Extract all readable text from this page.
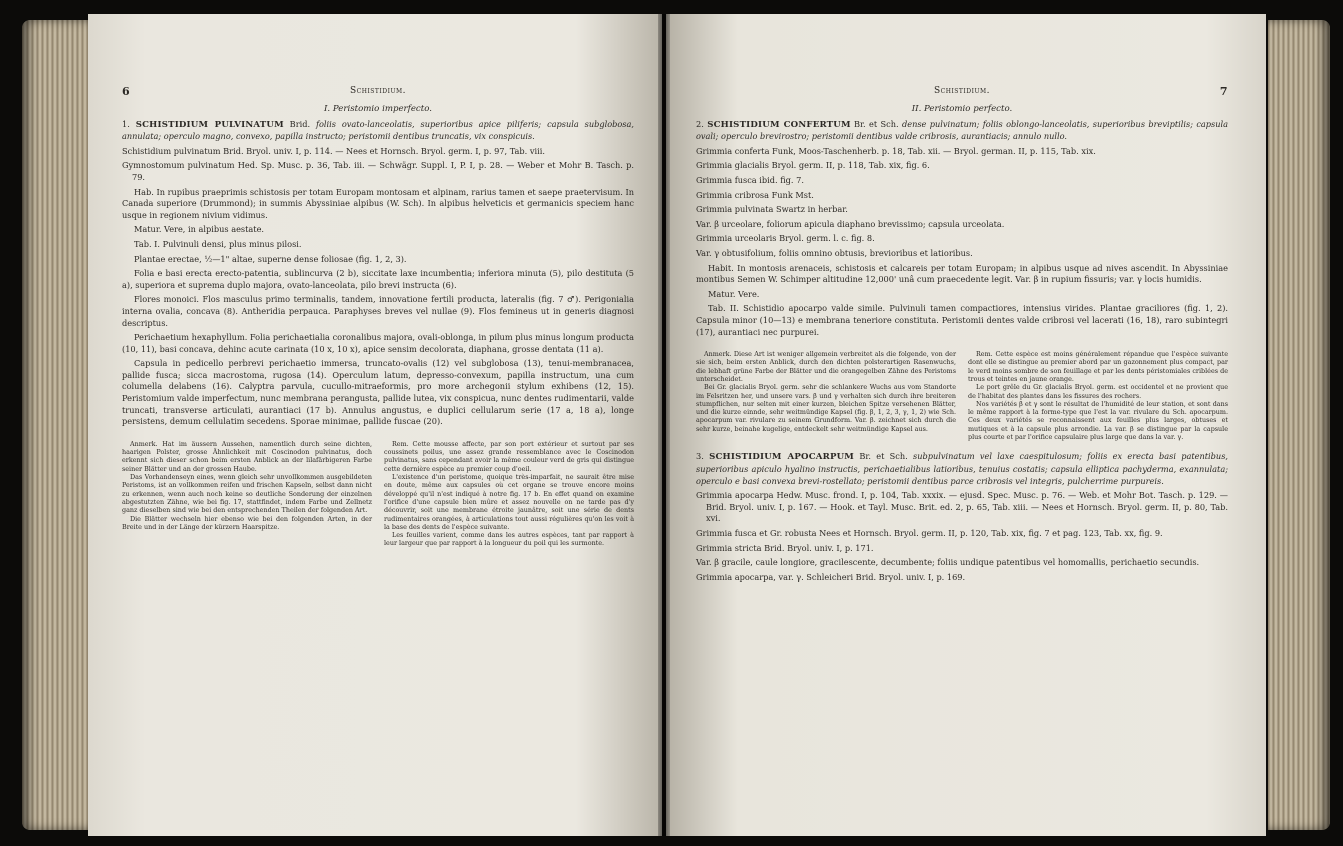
6	Schistidium.
I. Peristomio imperfecto.

1. SCHISTIDIUM PULVINATUM Brid. foliis ovato-lanceolatis, superioribus apice piliferis; capsula subglobosa, annulata; operculo magno, convexo, papilla instructo; peristomii dentibus truncatis, vix conspicuis.

Schistidium pulvinatum Brid. Bryol. univ. I, p. 114. — Nees et Hornsch. Bryol. germ. I, p. 97, Tab. viii.

Gymnostomum pulvinatum Hed. Sp. Musc. p. 36, Tab. iii. — Schwägr. Suppl. I, P. I, p. 28. — Weber et Mohr B. Tasch. p. 79.

Hab. In rupibus praeprimis schistosis per totam Europam montosam et alpinam, rarius tamen et saepe praetervisum. In Canada superiore (Drummond); in summis Abyssiniae alpibus (W. Sch). In alpibus helveticis et germanicis speciem hanc usque in regionem nivium vidimus.

Matur. Vere, in alpibus aestate.

Tab. I. Pulvinuli densi, plus minus pilosi.

Plantae erectae, ½—1" altae, superne dense foliosae (fig. 1, 2, 3).

Folia e basi erecta erecto-patentia, sublincurva (2 b), siccitate laxe incumbentia; inferiora minuta (5), pilo destituta (5 a), superiora et suprema duplo majora, ovato-lanceolata, pilo brevi instructa (6).

Flores monoici. Flos masculus primo terminalis, tandem, innovatione fertili producta, lateralis (fig. 7 ♂). Perigonialia interna ovalia, concava (8). Antheridia perpauca. Paraphyses breves vel nullae (9). Flos femineus ut in generis diagnosi descriptus.

Perichaetium hexaphyllum. Folia perichaetialia coronalibus majora, ovali-oblonga, in pilum plus minus longum producta (10, 11), basi concava, dehinc acute carinata (10 x, 10 x), apice sensim decolorata, diaphana, grosse dentata (11 a).

Capsula in pedicello perbrevi perichaetio immersa, truncato-ovalis (12) vel subglobosa (13), tenui-membranacea, pallide fusca; sicca macrostoma, rugosa (14). Operculum latum, depresso-convexum, papilla instructum, una cum columella delabens (16). Calyptra parvula, cucullo-mitraeformis, pro more archegonii stylum exhibens (12, 15). Peristomium valde imperfectum, nunc membrana perangusta, pallide lutea, vix conspicua, nunc dentes rudimentarii, valde truncati, transverse articulati, aurantiaci (17 b). Annulus angustus, e duplici cellularum serie (17 a, 18 a), longe persistens, demum cellulatim secedens. Sporae minimae, pallide fuscae (20).

Anmerk. Hat im äussern Aussehen, namentlich durch seine dichten, haarigen Polster, grosse Ähnlichkeit mit Coscinodon pulvinatus, doch erkennt sich dieser schon beim ersten Anblick an der lilafärbigeren Farbe seiner Blätter und an der grossen Haube.

Das Vorhandenseyn eines, wenn gleich sehr unvollkommen ausgebildeten Peristoms, ist an vollkommen reifen und frischen Kapseln, selbst dann nicht zu erkennen, wenn auch noch keine so deutliche Sonderung der einzelnen abgestutzten Zähne, wie bei fig. 17, stattfindet, indem Farbe und Zellnetz ganz dieselben sind wie bei den entsprechenden Theilen der folgenden Art.

Die Blätter wechseln hier ebenso wie bei den folgenden Arten, in der Breite und in der Länge der kürzern Haarspitze.

Rem. Cette mousse affecte, par son port extérieur et surtout par ses coussinets poilus, une assez grande ressemblance avec le Coscinodon pulvinatus, sans cependant avoir la même couleur verd de gris qui distingue cette dernière espèce au premier coup d'oeil.

L'existence d'un peristome, quoique très-imparfait, ne saurait être mise en doute, même aux capsules où cet organe se trouve encore moins développé qu'il n'est indiqué à notre fig. 17 b. En effet quand on examine l'orifice d'une capsule bien mûre et assez nouvelle on ne tarde pas d'y découvrir, soit une membrane étroite jaunâtre, soit une série de dents rudimentaires orangées, à articulations tout aussi régulières qu'on les voit à la base des dents de l'espèce suivante.

Les feuilles varient, comme dans les autres espèces, tant par rapport à leur largeur que par rapport à la longueur du poil qui les surmonte.

7
Schistidium.
II. Peristomio perfecto.

2. SCHISTIDIUM CONFERTUM Br. et Sch. dense pulvinatum; foliis oblongo-lanceolatis, superioribus breviptilis; capsula ovali; operculo brevirostro; peristomii dentibus valde cribrosis, aurantiacis; annulo nullo.

Grimmia conferta Funk, Moos-Taschenherb. p. 18, Tab. xii. — Bryol. german. II, p. 115, Tab. xix.

Grimmia glacialis Bryol. germ. II, p. 118, Tab. xix, fig. 6.

Grimmia fusca ibid. fig. 7.

Grimmia cribrosa Funk Mst.

Grimmia pulvinata Swartz in herbar.

Var. β urceolare, foliorum apicula diaphano brevissimo; capsula urceolata.

Grimmia urceolaris Bryol. germ. l. c. fig. 8.

Var. γ obtusifolium, foliis omnino obtusis, brevioribus et latioribus.

Habit. In montosis arenaceis, schistosis et calcareis per totam Europam; in alpibus usque ad nives ascendit. In Abyssiniae montibus Semen W. Schimper altitudine 12,000' unâ cum praecedente legit. Var. β in rupium fissuris; var. γ locis humidis.

Matur. Vere.

Tab. II. Schistidio apocarpo valde simile. Pulvinuli tamen compactiores, intensius virides. Plantae graciliores (fig. 1, 2). Capsula minor (10—13) e membrana teneriore constituta. Peristomii dentes valde cribrosi vel lacerati (16, 18), raro subintegri (17), aurantiaci nec purpurei.

Anmerk. Diese Art ist weniger allgemein verbreitet als die folgende, von der sie sich, beim ersten Anblick, durch den dichten polsterartigen Rasenwuchs, die lebhaft grüne Farbe der Blätter und die orangegelben Zähne des Peristoms unterscheidet.

Bei Gr. glacialis Bryol. germ. sehr die schlankere Wuchs aus vom Standorte im Felsritzen her, und unsere vars. β und γ verhalten sich durch ihre breiteren stumpflichen, nur selten mit einer kurzen, bleichen Spitze versehenen Blätter, und die kurze einnde, sehr weitmündige Kapsel (fig. β, 1, 2, 3, γ, 1, 2) wie Sch. apocarpum var. rivulare zu seinem Grundform. Var. β. zeichnet sich durch die sehr kurze, beinahe kugelige, entdeckelt sehr weitmündige Kapsel aus.

Rem. Cette espèce est moins généralement répandue que l'espèce suivante dont elle se distingue au premier abord par un gazonnement plus compact, par le verd moins sombre de son feuillage et par les dents péristomiales criblées de trous et teintes en jaune orange.

Le port grêle du Gr. glacialis Bryol. germ. est occidentel et ne provient que de l'habitat des plantes dans les fissures des rochers.

Nos variétés β et γ sont le résultat de l'humidité de leur station, et sont dans le même rapport à la forme-type que l'est la var. rivulare du Sch. apocarpum. Ces deux variétés se reconnaissent aux feuilles plus larges, obtuses et mutiques et à la capsule plus arrondie. La var. β se distingue par la capsule plus courte et par l'orifice capsulaire plus large que dans la var. γ.

3. SCHISTIDIUM APOCARPUM Br. et Sch. subpulvinatum vel laxe caespitulosum; foliis ex erecta basi patentibus, superioribus apiculo hyalino instructis, perichaetialibus latioribus, tenuius costatis; capsula elliptica pachyderma, exannulata; operculo e basi convexa brevi-rostellato; peristomii dentibus parce cribrosis vel integris, pulcherrime purpureis.

Grimmia apocarpa Hedw. Musc. frond. I, p. 104, Tab. xxxix. — ejusd. Spec. Musc. p. 76. — Web. et Mohr Bot. Tasch. p. 129. — Brid. Bryol. univ. I, p. 167. — Hook. et Tayl. Musc. Brit. ed. 2, p. 65, Tab. xiii. — Nees et Hornsch. Bryol. germ. II, p. 80, Tab. xvi.

Grimmia fusca et Gr. robusta Nees et Hornsch. Bryol. germ. II, p. 120, Tab. xix, fig. 7 et pag. 123, Tab. xx, fig. 9.

Grimmia stricta Brid. Bryol. univ. I, p. 171.

Var. β gracile, caule longiore, gracilescente, decumbente; foliis undique patentibus vel homomallis, perichaetio secundis.

Grimmia apocarpa, var. γ. Schleicheri Brid. Bryol. univ. I, p. 169.
